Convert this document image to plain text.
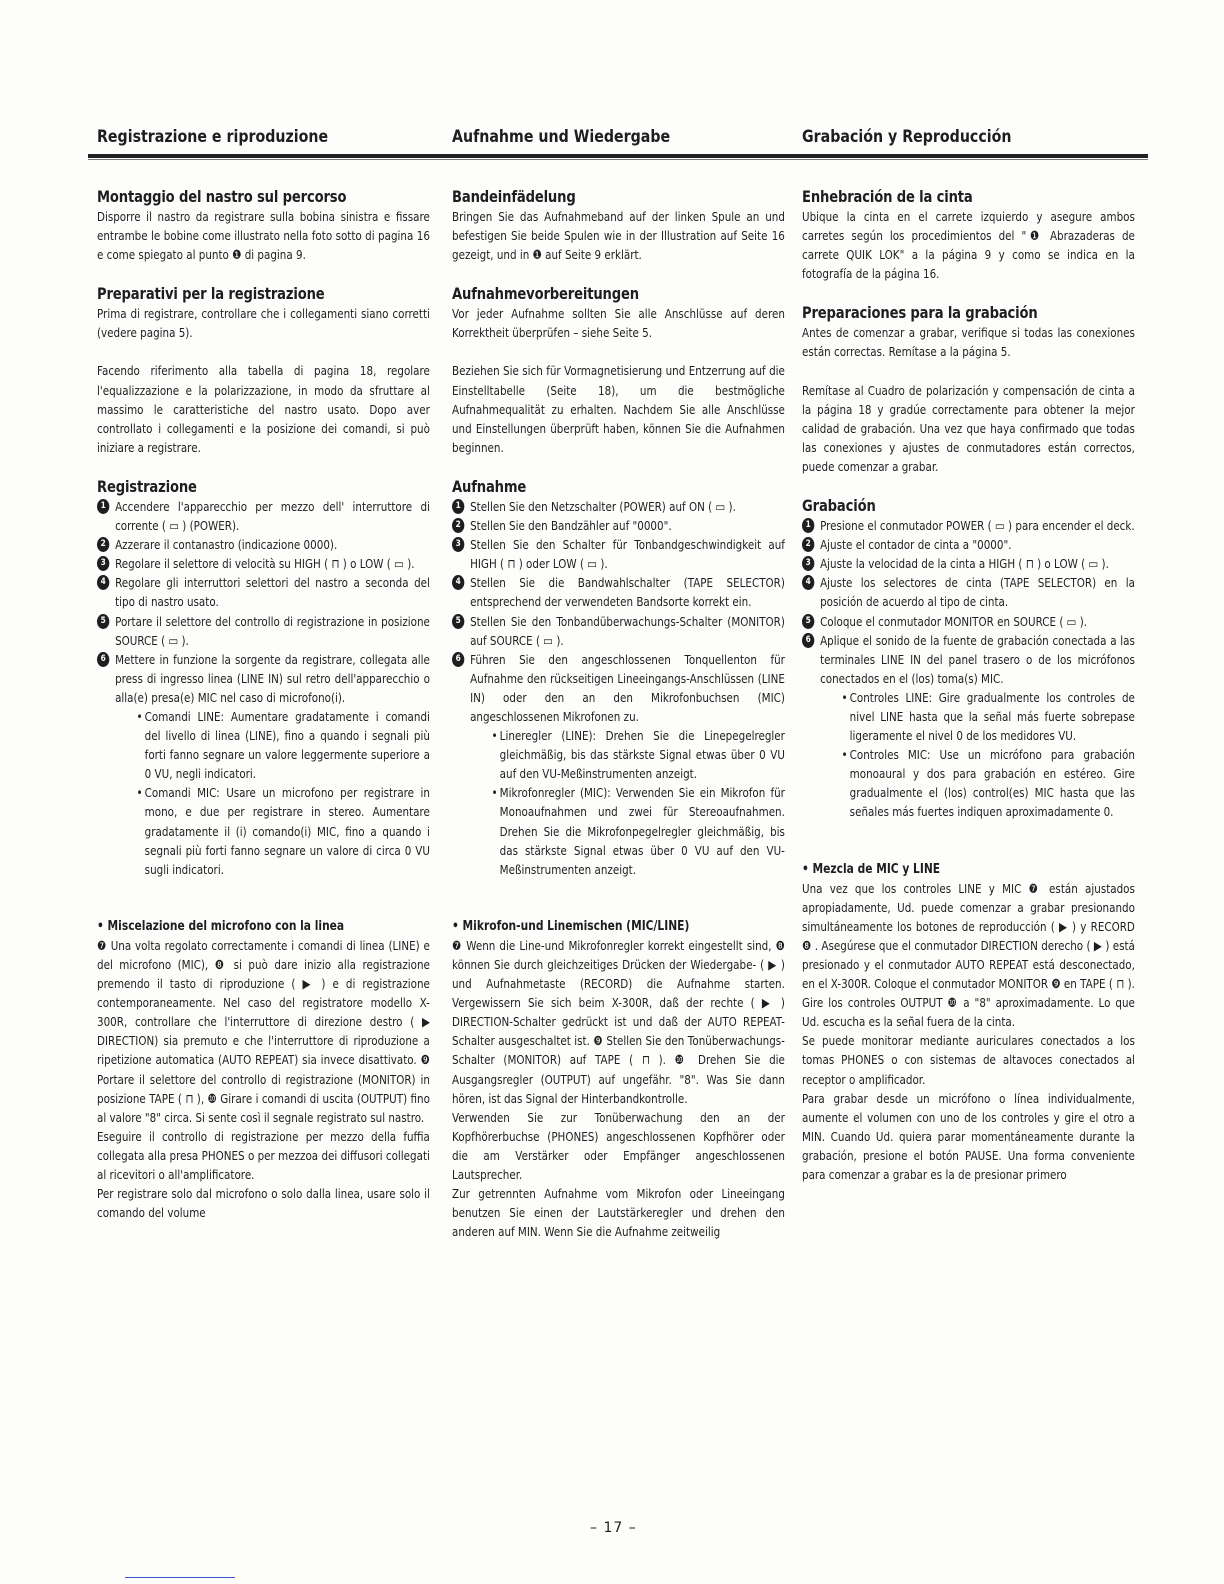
Registrazione e riproduzione	Aufnahme und Wiedergabe	Grabación y Reproducción
Montaggio del nastro sul percorso

Disporre il nastro da registrare sulla bobina sinistra e fissare entrambe le bobine come illustrato nella foto sotto di pagina 16 e come spiegato al punto ❶ di pagina 9.

Preparativi per la registrazione

Prima di registrare, controllare che i collegamenti siano corretti (vedere pagina 5).

Facendo riferimento alla tabella di pagina 18, regolare l'equalizzazione e la polarizzazione, in modo da sfruttare al massimo le caratteristiche del nastro usato. Dopo aver controllato i collegamenti e la posizione dei comandi, si può iniziare a registrare.

Registrazione
1 Accendere l'apparecchio per mezzo dell' interruttore di corrente ( ▭ ) (POWER).
2 Azzerare il contanastro (indicazione 0000).
3 Regolare il selettore di velocità su HIGH ( ⊓ ) o LOW ( ▭ ).
4 Regolare gli interruttori selettori del nastro a seconda del tipo di nastro usato.
5 Portare il selettore del controllo di registrazione in posizione SOURCE ( ▭ ).
6 Mettere in funzione la sorgente da registrare, collegata alle press di ingresso linea (LINE IN) sul retro dell'apparecchio o alla(e) presa(e) MIC nel caso di microfono(i).
• Comandi LINE: Aumentare gradatamente i comandi del livello di linea (LINE), fino a quando i segnali più forti fanno segnare un valore leggermente superiore a 0 VU, negli indicatori.
• Comandi MIC: Usare un microfono per registrare in mono, e due per registrare in stereo. Aumentare gradatamente il (i) comando(i) MIC, fino a quando i segnali più forti fanno segnare un valore di circa 0 VU sugli indicatori.

• Miscelazione del microfono con la linea

❼ Una volta regolato correctamente i comandi di linea (LINE) e del microfono (MIC), ❽ si può dare inizio alla registrazione premendo il tasto di riproduzione ( ▶ ) e di registrazione contemporaneamente. Nel caso del registratore modello X-300R, controllare che l'interruttore di direzione destro ( ▶ DIRECTION) sia premuto e che l'interruttore di riproduzione a ripetizione automatica (AUTO REPEAT) sia invece disattivato. ❾ Portare il selettore del controllo di registrazione (MONITOR) in posizione TAPE ( ⊓ ), ❿ Girare i comandi di uscita (OUTPUT) fino al valore "8" circa. Si sente così il segnale registrato sul nastro.

Eseguire il controllo di registrazione per mezzo della fuffia collegata alla presa PHONES o per mezzoa dei diffusori collegati al ricevitori o all'amplificatore.

Per registrare solo dal microfono o solo dalla linea, usare solo il comando del volume

Bandeinfädelung

Bringen Sie das Aufnahmeband auf der linken Spule an und befestigen Sie beide Spulen wie in der Illustration auf Seite 16 gezeigt, und in ❶ auf Seite 9 erklärt.

Aufnahmevorbereitungen

Vor jeder Aufnahme sollten Sie alle Anschlüsse auf deren Korrektheit überprüfen – siehe Seite 5.

Beziehen Sie sich für Vormagnetisierung und Entzerrung auf die Einstelltabelle (Seite 18), um die bestmögliche Aufnahmequalität zu erhalten. Nachdem Sie alle Anschlüsse und Einstellungen überprüft haben, können Sie die Aufnahmen beginnen.

Aufnahme
1 Stellen Sie den Netzschalter (POWER) auf ON ( ▭ ).
2 Stellen Sie den Bandzähler auf "0000".
3 Stellen Sie den Schalter für Tonbandgeschwindigkeit auf HIGH ( ⊓ ) oder LOW ( ▭ ).
4 Stellen Sie die Bandwahlschalter (TAPE SELECTOR) entsprechend der verwendeten Bandsorte korrekt ein.
5 Stellen Sie den Tonbandüberwachungs-Schalter (MONITOR) auf SOURCE ( ▭ ).
6 Führen Sie den angeschlossenen Tonquellenton für Aufnahme den rückseitigen Lineeingangs-Anschlüssen (LINE IN) oder den an den Mikrofonbuchsen (MIC) angeschlossenen Mikrofonen zu.
• Lineregler (LINE): Drehen Sie die Linepegelregler gleichmäßig, bis das stärkste Signal etwas über 0 VU auf den VU-Meßinstrumenten anzeigt.
• Mikrofonregler (MIC): Verwenden Sie ein Mikrofon für Monoaufnahmen und zwei für Stereoaufnahmen. Drehen Sie die Mikrofonpegelregler gleichmäßig, bis das stärkste Signal etwas über 0 VU auf den VU-Meßinstrumenten anzeigt.

• Mikrofon-und Linemischen (MIC/LINE)

❼ Wenn die Line-und Mikrofonregler korrekt eingestellt sind, ❽ können Sie durch gleichzeitiges Drücken der Wiedergabe- ( ▶ ) und Aufnahmetaste (RECORD) die Aufnahme starten. Vergewissern Sie sich beim X-300R, daß der rechte ( ▶ ) DIRECTION-Schalter gedrückt ist und daß der AUTO REPEAT-Schalter ausgeschaltet ist. ❾ Stellen Sie den Tonüberwachungs-Schalter (MONITOR) auf TAPE ( ⊓ ). ❿ Drehen Sie die Ausgangsregler (OUTPUT) auf ungefähr. "8". Was Sie dann hören, ist das Signal der Hinterbandkontrolle.

Verwenden Sie zur Tonüberwachung den an der Kopfhörerbuchse (PHONES) angeschlossenen Kopfhörer oder die am Verstärker oder Empfänger angeschlossenen Lautsprecher.

Zur getrennten Aufnahme vom Mikrofon oder Lineeingang benutzen Sie einen der Lautstärkeregler und drehen den anderen auf MIN. Wenn Sie die Aufnahme zeitweilig

Enhebración de la cinta

Ubique la cinta en el carrete izquierdo y asegure ambos carretes según los procedimientos del "❶ Abrazaderas de carrete QUIK LOK" a la página 9 y como se indica en la fotografía de la página 16.

Preparaciones para la grabación

Antes de comenzar a grabar, verifique si todas las conexiones están correctas. Remítase a la página 5.

Remítase al Cuadro de polarización y compensación de cinta a la página 18 y gradúe correctamente para obtener la mejor calidad de grabación. Una vez que haya confirmado que todas las conexiones y ajustes de conmutadores están correctos, puede comenzar a grabar.

Grabación
1 Presione el conmutador POWER ( ▭ ) para encender el deck.
2 Ajuste el contador de cinta a "0000".
3 Ajuste la velocidad de la cinta a HIGH ( ⊓ ) o LOW ( ▭ ).
4 Ajuste los selectores de cinta (TAPE SELECTOR) en la posición de acuerdo al tipo de cinta.
5 Coloque el conmutador MONITOR en SOURCE ( ▭ ).
6 Aplique el sonido de la fuente de grabación conectada a las terminales LINE IN del panel trasero o de los micrófonos conectados en el (los) toma(s) MIC.
• Controles LINE: Gire gradualmente los controles de nivel LINE hasta que la señal más fuerte sobrepase ligeramente el nivel 0 de los medidores VU.
• Controles MIC: Use un micrófono para grabación monoaural y dos para grabación en estéreo. Gire gradualmente el (los) control(es) MIC hasta que las señales más fuertes indiquen aproximadamente 0.

• Mezcla de MIC y LINE

Una vez que los controles LINE y MIC ❼ están ajustados apropiadamente, Ud. puede comenzar a grabar presionando simultáneamente los botones de reproducción ( ▶ ) y RECORD ❽ . Asegúrese que el conmutador DIRECTION derecho ( ▶ ) está presionado y el conmutador AUTO REPEAT está desconectado, en el X-300R. Coloque el conmutador MONITOR ❾ en TAPE ( ⊓ ). Gire los controles OUTPUT ❿ a "8" aproximadamente. Lo que Ud. escucha es la señal fuera de la cinta.

Se puede monitorar mediante auriculares conectados a los tomas PHONES o con sistemas de altavoces conectados al receptor o amplificador.

Para grabar desde un micrófono o línea individualmente, aumente el volumen con uno de los controles y gire el otro a MIN. Cuando Ud. quiera parar momentáneamente durante la grabación, presione el botón PAUSE. Una forma conveniente para comenzar a grabar es la de presionar primero

– 17 –
